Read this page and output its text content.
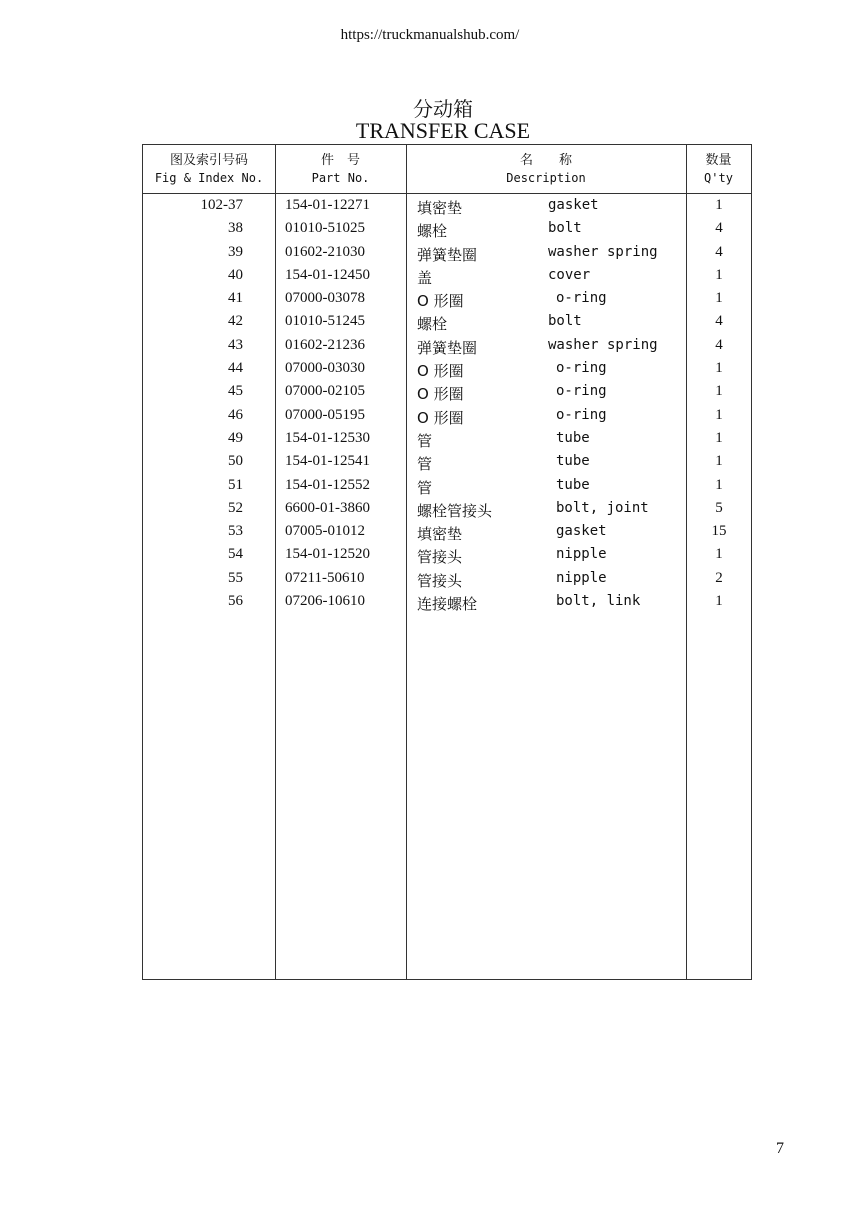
https://truckmanualshub.com/
分动箱
TRANSFER CASE
图及索引号码
Fig & Index No.
件　号
Part No.
名　　称
Description
数量
Q'ty
102-37	154-01-12271	填密垫	gasket	1
38	01010-51025	螺栓	bolt	4
39	01602-21030	弹簧垫圈	washer spring	4
40	154-01-12450	盖	cover	1
41	07000-03078	O 形圈	o-ring	1
42	01010-51245	螺栓	bolt	4
43	01602-21236	弹簧垫圈	washer spring	4
44	07000-03030	O 形圈	o-ring	1
45	07000-02105	O 形圈	o-ring	1
46	07000-05195	O 形圈	o-ring	1
49	154-01-12530	管	tube	1
50	154-01-12541	管	tube	1
51	154-01-12552	管	tube	1
52	6600-01-3860	螺栓管接头	bolt, joint	5
53	07005-01012	填密垫	gasket	15
54	154-01-12520	管接头	nipple	1
55	07211-50610	管接头	nipple	2
56	07206-10610	连接螺栓	bolt, link	1
7
